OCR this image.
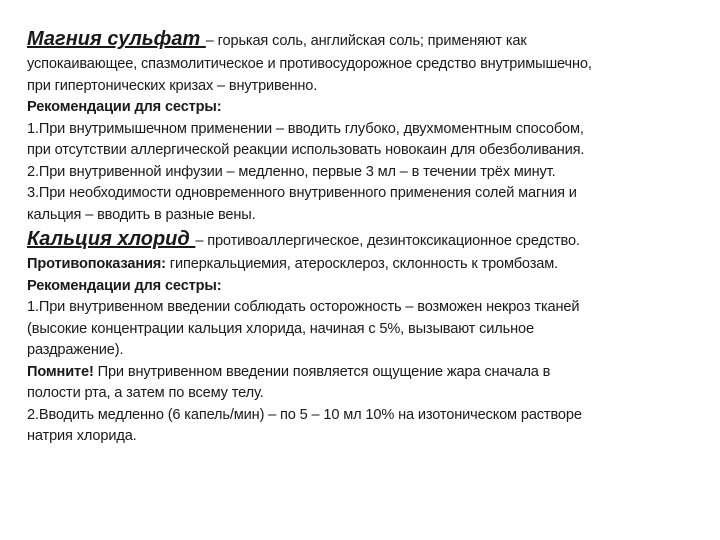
Магния сульфат – горькая соль, английская соль; применяют как

успокаивающее, спазмолитическое и противосудорожное средство внутримышечно,

при гипертонических кризах – внутривенно.

Рекомендации для сестры:

1.При внутримышечном применении – вводить глубоко, двухмоментным способом,

при отсутствии аллергической реакции использовать новокаин для обезболивания.

2.При внутривенной инфузии – медленно, первые 3 мл – в течении трёх минут.

3.При необходимости одновременного внутривенного применения солей магния и

кальция – вводить в разные вены.

Кальция хлорид – противоаллергическое, дезинтоксикационное средство.

Противопоказания: гиперкальциемия, атеросклероз, склонность к тромбозам.

Рекомендации для сестры:

1.При внутривенном введении соблюдать осторожность – возможен некроз тканей

(высокие концентрации кальция хлорида, начиная с 5%, вызывают сильное

раздражение).

Помните! При внутривенном введении появляется ощущение жара сначала в

полости рта, а затем по всему телу.

2.Вводить медленно (6 капель/мин) – по 5 – 10 мл 10% на изотоническом растворе

натрия хлорида.
